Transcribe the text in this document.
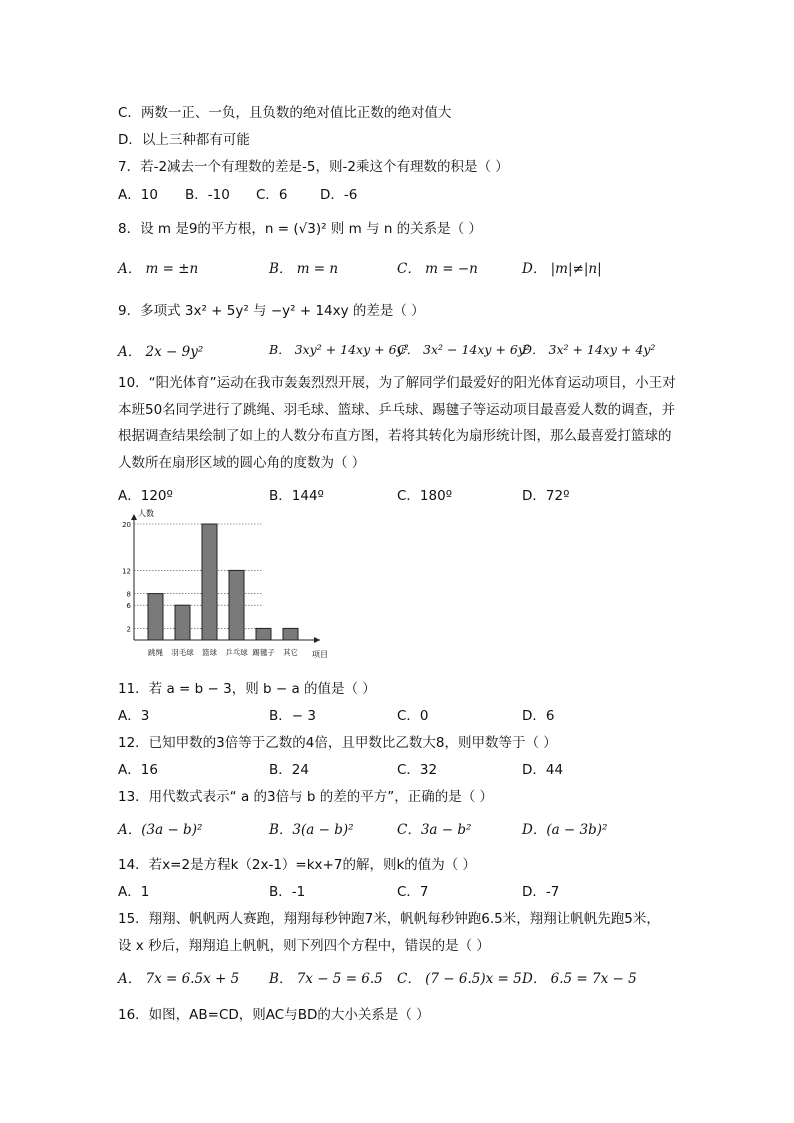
C．两数一正、一负，且负数的绝对值比正数的绝对值大
D．以上三种都有可能
7．若-2减去一个有理数的差是-5，则-2乘这个有理数的积是（ ）
A．10 B．-10 C．6 D．-6
8．设 m 是9的平方根，n = (√3)² 则 m 与 n 的关系是（ ）
A． m = ±n	B． m = n	C． m = −n	D． |m|≠|n|
9．多项式 3x² + 5y² 与 −y² + 14xy 的差是（ ）
A． 2x − 9y²	B． 3xy² + 14xy + 6y²
C． 3x² − 14xy + 6y²
D． 3x² + 14xy + 4y²
10．“阳光体育”运动在我市轰轰烈烈开展，为了解同学们最爱好的阳光体育运动项目，小王对本班50名同学进行了跳绳、羽毛球、篮球、乒乓球、踢毽子等运动项目最喜爱人数的调查，并根据调查结果绘制了如上的人数分布直方图，若将其转化为扇形统计图，那么最喜爱打篮球的人数所在扇形区域的圆心角的度数为（ ）
A．120º	B．144º	C．180º	D．72º
人数
项目
2
6
8
12
20
跳绳 羽毛球 篮球 乒乓球 踢毽子 其它
11．若 a = b − 3，则 b − a 的值是（ ）
A．3	B．− 3	C．0	D．6
12．已知甲数的3倍等于乙数的4倍，且甲数比乙数大8，则甲数等于（ ）
A．16	B．24	C．32	D．44
13．用代数式表示“ a 的3倍与 b 的差的平方”，正确的是（ ）
A．(3a − b)²	B．3(a − b)²	C．3a − b²	D．(a − 3b)²
14．若x=2是方程k（2x-1）=kx+7的解，则k的值为（ ）
A．1	B．-1	C．7	D．-7
15．翔翔、帆帆两人赛跑，翔翔每秒钟跑7米，帆帆每秒钟跑6.5米，翔翔让帆帆先跑5米，
设 x 秒后，翔翔追上帆帆，则下列四个方程中，错误的是（ ）
A． 7x = 6.5x + 5 B． 7x − 5 = 6.5 C． (7 − 6.5)x = 5 D． 6.5 = 7x − 5
16．如图，AB=CD，则AC与BD的大小关系是（ ）
